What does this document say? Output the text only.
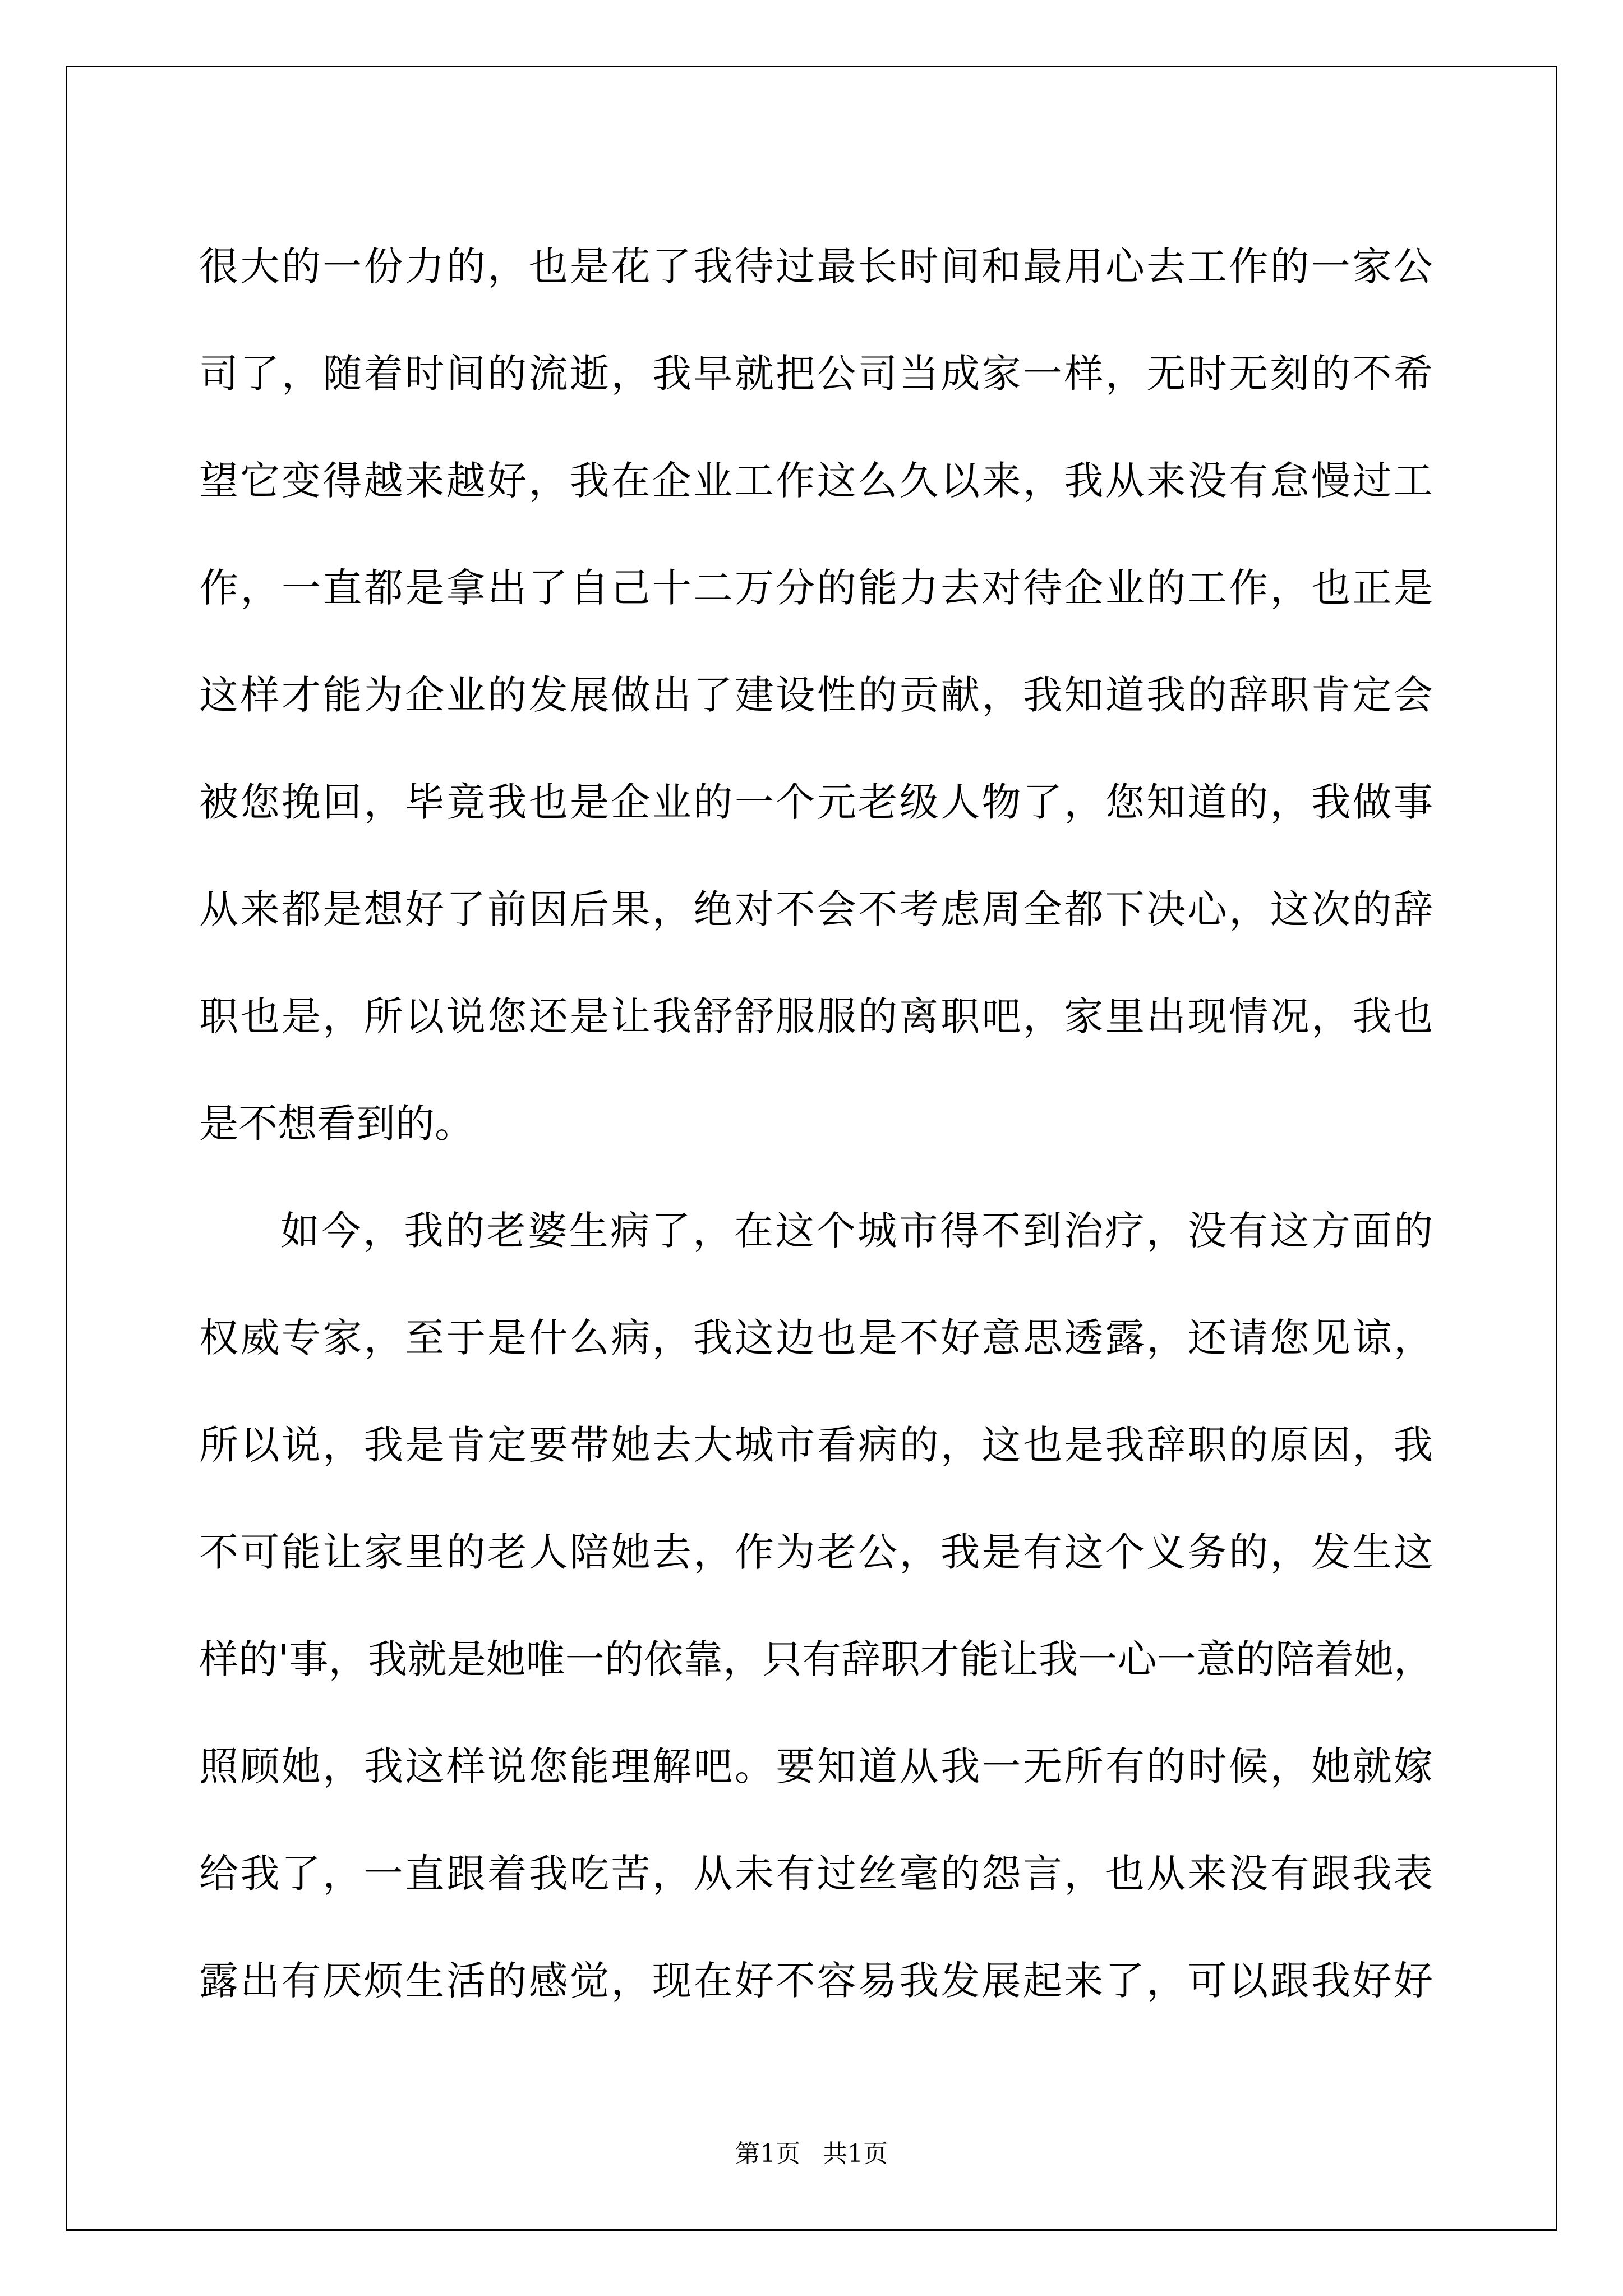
很大的一份力的，也是花了我待过最长时间和最用心去工作的一家公
司了，随着时间的流逝，我早就把公司当成家一样，无时无刻的不希
望它变得越来越好，我在企业工作这么久以来，我从来没有怠慢过工
作，一直都是拿出了自己十二万分的能力去对待企业的工作，也正是
这样才能为企业的发展做出了建设性的贡献，我知道我的辞职肯定会
被您挽回，毕竟我也是企业的一个元老级人物了，您知道的，我做事
从来都是想好了前因后果，绝对不会不考虑周全都下决心，这次的辞
职也是，所以说您还是让我舒舒服服的离职吧，家里出现情况，我也
是不想看到的。
如今，我的老婆生病了，在这个城市得不到治疗，没有这方面的
权威专家，至于是什么病，我这边也是不好意思透露，还请您见谅，
所以说，我是肯定要带她去大城市看病的，这也是我辞职的原因，我
不可能让家里的老人陪她去，作为老公，我是有这个义务的，发生这
样的'事，我就是她唯一的依靠，只有辞职才能让我一心一意的陪着她，
照顾她，我这样说您能理解吧。要知道从我一无所有的时候，她就嫁
给我了，一直跟着我吃苦，从未有过丝毫的怨言，也从来没有跟我表
露出有厌烦生活的感觉，现在好不容易我发展起来了，可以跟我好好
第1页 共1页
